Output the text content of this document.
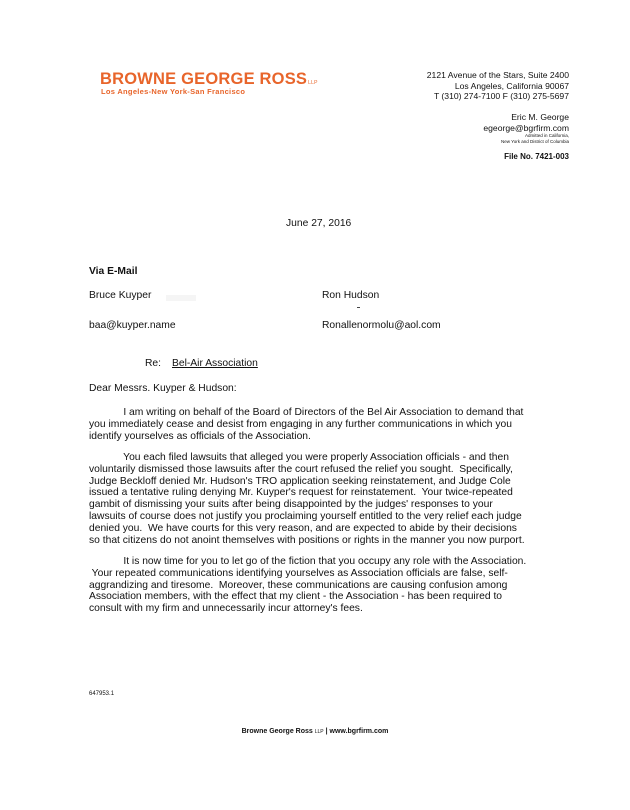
BROWNE GEORGE ROSSLLP
Los Angeles-New York-San Francisco
2121 Avenue of the Stars, Suite 2400
Los Angeles, California 90067
T (310) 274-7100 F (310) 275-5697
Eric M. George
egeorge@bgrfirm.com
Admitted in California,
New York and District of Columbia
File No. 7421-003
June 27, 2016
Via E-Mail
Bruce Kuyper	Ron Hudson
baa@kuyper.name	Ronallenormolu@aol.com
Re: Bel-Air Association
Dear Messrs. Kuyper & Hudson:
I am writing on behalf of the Board of Directors of the Bel Air Association to demand that
you immediately cease and desist from engaging in any further communications in which you
identify yourselves as officials of the Association.
You each filed lawsuits that alleged you were properly Association officials - and then
voluntarily dismissed those lawsuits after the court refused the relief you sought.  Specifically,
Judge Beckloff denied Mr. Hudson's TRO application seeking reinstatement, and Judge Cole
issued a tentative ruling denying Mr. Kuyper's request for reinstatement.  Your twice-repeated
gambit of dismissing your suits after being disappointed by the judges' responses to your
lawsuits of course does not justify you proclaiming yourself entitled to the very relief each judge
denied you.  We have courts for this very reason, and are expected to abide by their decisions
so that citizens do not anoint themselves with positions or rights in the manner you now purport.
It is now time for you to let go of the fiction that you occupy any role with the Association.
Your repeated communications identifying yourselves as Association officials are false, self-
aggrandizing and tiresome.  Moreover, these communications are causing confusion among
Association members, with the effect that my client - the Association - has been required to
consult with my firm and unnecessarily incur attorney's fees.
647953.1
Browne George Ross LLP | www.bgrfirm.com
